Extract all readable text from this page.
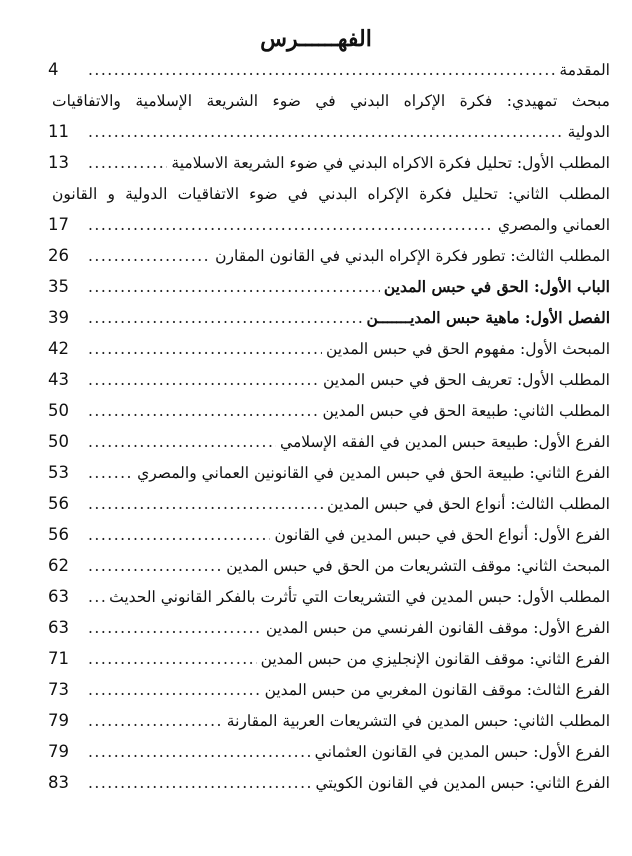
الفهــــــرس
المقدمة
.....
4
مبحث تمهيدي: فكرة الإكراه البدني في ضوء الشريعة الإسلامية والاتفاقيات
الدولية
.....
11
المطلب الأول: تحليل فكرة الاكراه البدني في ضوء الشريعة الاسلامية
.....
13
المطلب الثاني: تحليل فكرة الإكراه البدني في ضوء الاتفاقيات الدولية و القانون
العماني والمصري
.....
17
المطلب الثالث: تطور فكرة الإكراه البدني في القانون المقارن
.....
26
الباب الأول: الحق في حبس المدين
.....
35
الفصل الأول: ماهية حبس المديـــــــن
.....
39
المبحث الأول: مفهوم الحق في حبس المدين
.....
42
المطلب الأول: تعريف الحق في حبس المدين
.....
43
المطلب الثاني: طبيعة الحق في حبس المدين
.....
50
الفرع الأول: طبيعة حبس المدين في الفقه الإسلامي
.....
50
الفرع الثاني: طبيعة الحق في حبس المدين في القانونين العماني والمصري
.....
53
المطلب الثالث: أنواع الحق في حبس المدين
.....
56
الفرع الأول: أنواع الحق في حبس المدين في القانون
.....
56
المبحث الثاني: موقف التشريعات من الحق في حبس المدين
.....
62
المطلب الأول: حبس المدين في التشريعات التي تأثرت بالفكر القانوني الحديث
.....
63
الفرع الأول: موقف القانون الفرنسي من حبس المدين
.....
63
الفرع الثاني: موقف القانون الإنجليزي من حبس المدين
.....
71
الفرع الثالث: موقف القانون المغربي من حبس المدين
.....
73
المطلب الثاني: حبس المدين في التشريعات العربية المقارنة
.....
79
الفرع الأول: حبس المدين في القانون العثماني
.....
79
الفرع الثاني: حبس المدين في القانون الكويتي
.....
83
